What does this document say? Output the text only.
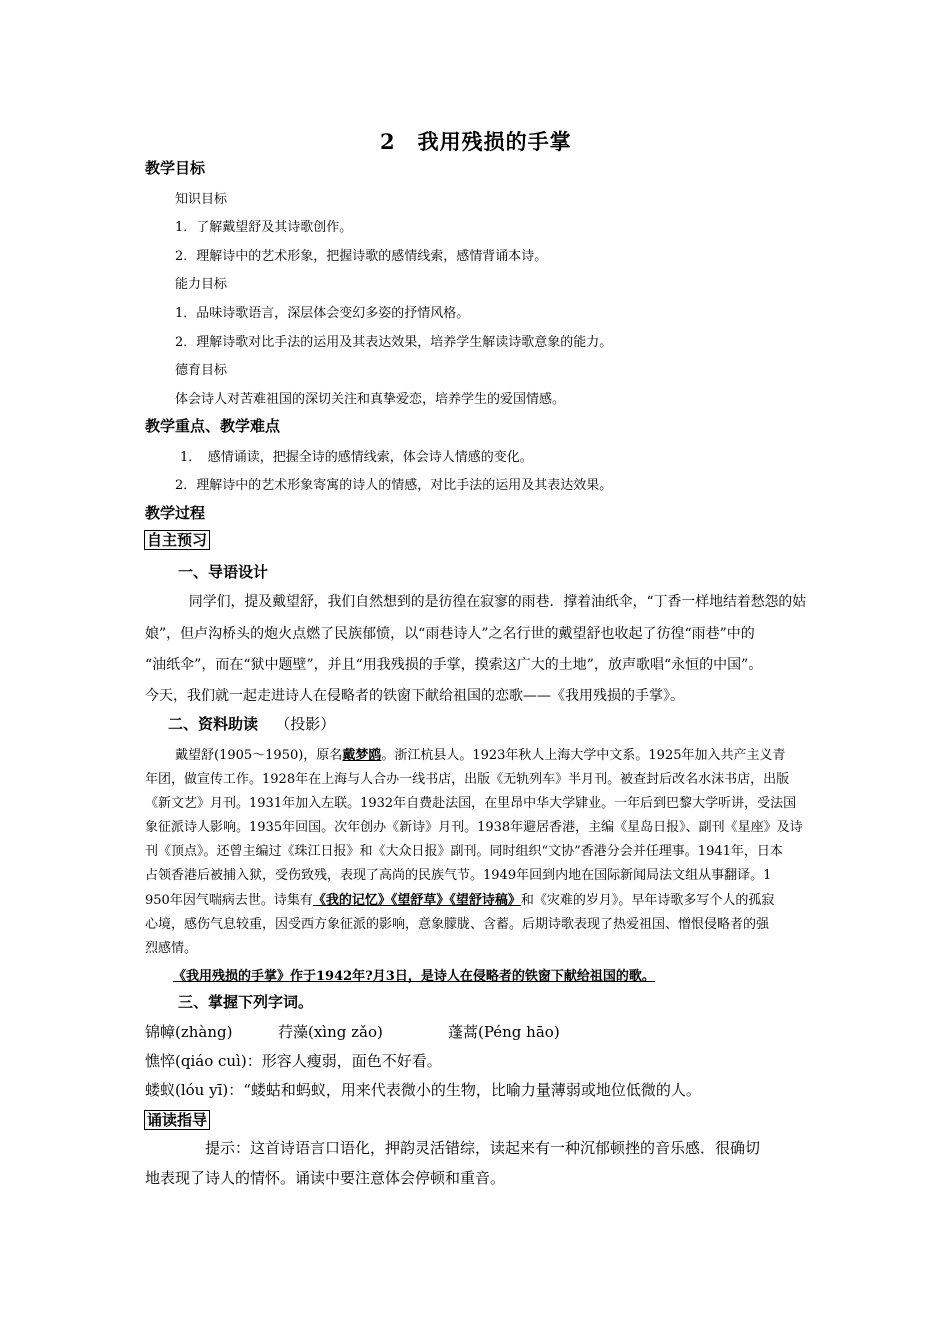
2　我用残损的手掌
教学目标
知识目标
1．了解戴望舒及其诗歌创作。
2．理解诗中的艺术形象，把握诗歌的感情线索，感情背诵本诗。
能力目标
1．品味诗歌语言，深层体会变幻多姿的抒情风格。
2．理解诗歌对比手法的运用及其表达效果，培养学生解读诗歌意象的能力。
德育目标
体会诗人对苦难祖国的深切关注和真挚爱恋，培养学生的爱国情感。
教学重点、教学难点
1．　感情诵读，把握全诗的感情线索，体会诗人情感的变化。
2．理解诗中的艺术形象寄寓的诗人的情感，对比手法的运用及其表达效果。
教学过程
自主预习
一、导语设计
　同学们，提及戴望舒，我们自然想到的是彷徨在寂寥的雨巷．撑着油纸伞，“丁香一样地结着愁怨的姑
娘”，但卢沟桥头的炮火点燃了民族郁愤，以“雨巷诗人”之名行世的戴望舒也收起了彷徨“雨巷”中的
“油纸伞”，而在“狱中题壁”，并且“用我残损的手掌，摸索这广大的土地”，放声歌唱“永恒的中国”。
今天，我们就一起走进诗人在侵略者的铁窗下献给祖国的恋歌——《我用残损的手掌》。
二、资料助读 （投影）
戴望舒(1905～1950)，原名戴梦鸥。浙江杭县人。1923年秋人上海大学中文系。1925年加入共产主义青
年团，做宣传工作。1928年在上海与人合办一线书店，出版《无轨列车》半月刊。被查封后改名水沫书店，出版
《新文艺》月刊。1931年加入左联。1932年自费赴法国，在里昂中华大学肄业。一年后到巴黎大学听讲，受法国
象征派诗人影响。1935年回国。次年创办《新诗》月刊。1938年避居香港，主编《星岛日报》、副刊《星座》及诗
刊《顶点》。还曾主编过《珠江日报》和《大众日报》副刊。同时组织“文协”香港分会并任理事。1941年，日本
占领香港后被捕入狱，受伤致残，表现了高尚的民族气节。1949年回到内地在国际新闻局法文组从事翻译。1
950年因气喘病去世。诗集有《我的记忆》《望舒草》《望舒诗稿》和《灾难的岁月》。早年诗歌多写个人的孤寂
心境，感伤气息较重，因受西方象征派的影响，意象朦胧、含蓄。后期诗歌表现了热爱祖国、憎恨侵略者的强
烈感情。
《我用残损的手掌》作于1942年?月3日，是诗人在侵略者的铁窗下献给祖国的歌。
三、掌握下列字词。
锦幛(zhàng)	荇藻(xìng zǎo)	蓬蒿(Péng hāo)
憔悴(qiáo cuì)：形容人瘦弱，面色不好看。
蝼蚁(lóu yī)：“蝼蛄和蚂蚁，用来代表微小的生物，比喻力量薄弱或地位低微的人。
诵读指导
提示：这首诗语言口语化，押韵灵活错综，读起来有一种沉郁顿挫的音乐感．很确切
地表现了诗人的情怀。诵读中要注意体会停顿和重音。
